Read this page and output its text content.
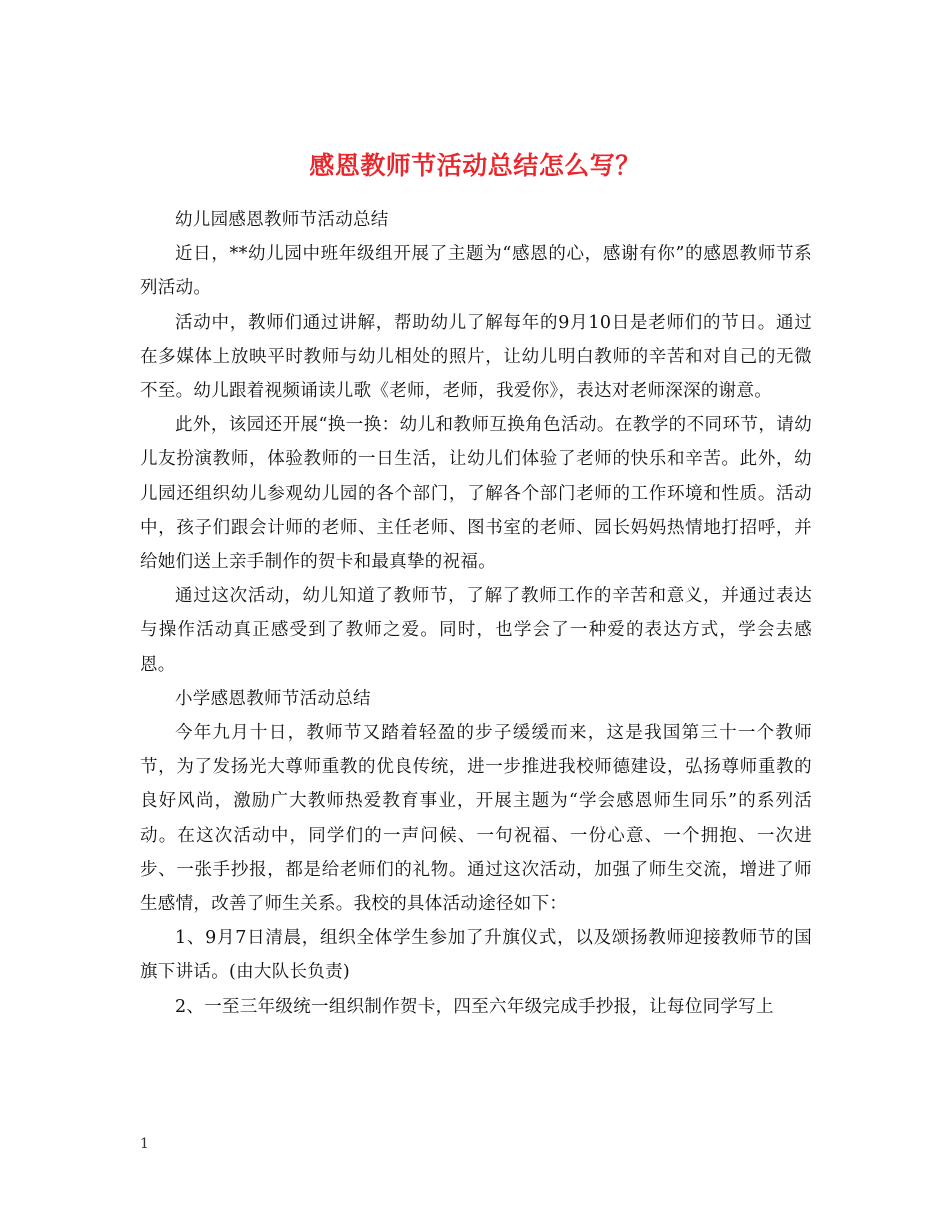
感恩教师节活动总结怎么写？

幼儿园感恩教师节活动总结

近日，**幼儿园中班年级组开展了主题为“感恩的心，感谢有你”的感恩教师节系列活动。

活动中，教师们通过讲解，帮助幼儿了解每年的9月10日是老师们的节日。通过在多媒体上放映平时教师与幼儿相处的照片，让幼儿明白教师的辛苦和对自己的无微不至。幼儿跟着视频诵读儿歌《老师，老师，我爱你》，表达对老师深深的谢意。

此外，该园还开展“换一换：幼儿和教师互换角色活动。在教学的不同环节，请幼儿友扮演教师，体验教师的一日生活，让幼儿们体验了老师的快乐和辛苦。此外，幼儿园还组织幼儿参观幼儿园的各个部门，了解各个部门老师的工作环境和性质。活动中，孩子们跟会计师的老师、主任老师、图书室的老师、园长妈妈热情地打招呼，并给她们送上亲手制作的贺卡和最真挚的祝福。

通过这次活动，幼儿知道了教师节，了解了教师工作的辛苦和意义，并通过表达与操作活动真正感受到了教师之爱。同时，也学会了一种爱的表达方式，学会去感恩。

小学感恩教师节活动总结

今年九月十日，教师节又踏着轻盈的步子缓缓而来，这是我国第三十一个教师节，为了发扬光大尊师重教的优良传统，进一步推进我校师德建设，弘扬尊师重教的良好风尚，激励广大教师热爱教育事业，开展主题为“学会感恩师生同乐”的系列活动。在这次活动中，同学们的一声问候、一句祝福、一份心意、一个拥抱、一次进步、一张手抄报，都是给老师们的礼物。通过这次活动，加强了师生交流，增进了师生感情，改善了师生关系。我校的具体活动途径如下：

1、9月7日清晨，组织全体学生参加了升旗仪式，以及颂扬教师迎接教师节的国旗下讲话。(由大队长负责)

2、一至三年级统一组织制作贺卡，四至六年级完成手抄报，让每位同学写上

1
